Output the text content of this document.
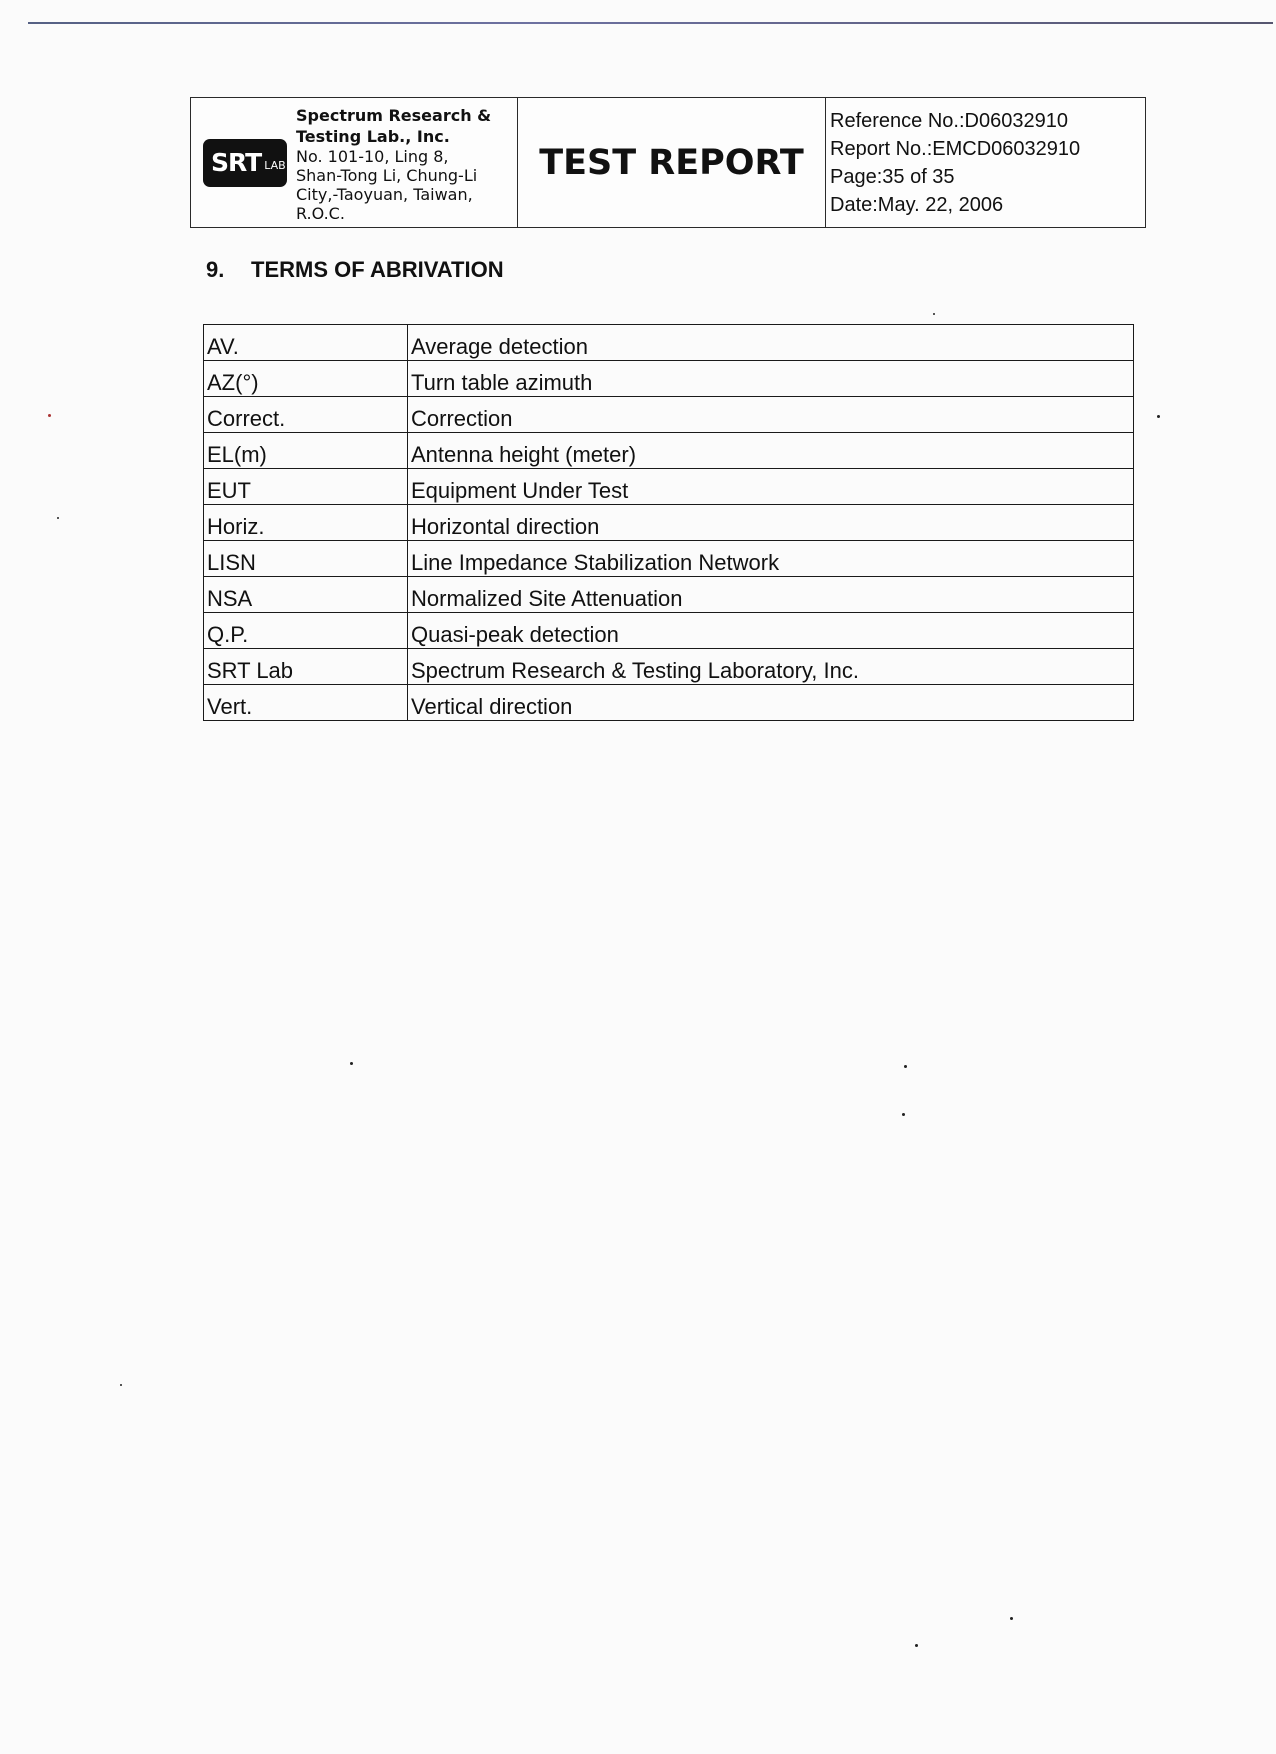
SRT LAB
Spectrum Research &
Testing Lab., Inc.
No. 101-10, Ling 8,
Shan-Tong Li, Chung-Li
City,-Taoyuan, Taiwan,
R.O.C.
TEST REPORT
Reference No.:D06032910
Report No.:EMCD06032910
Page:35 of 35
Date:May. 22, 2006
9. TERMS OF ABRIVATION
AV.	Average detection
AZ(°)	Turn table azimuth
Correct.	Correction
EL(m)	Antenna height (meter)
EUT	Equipment Under Test
Horiz.	Horizontal direction
LISN	Line Impedance Stabilization Network
NSA	Normalized Site Attenuation
Q.P.	Quasi-peak detection
SRT Lab	Spectrum Research & Testing Laboratory, Inc.
Vert.	Vertical direction
